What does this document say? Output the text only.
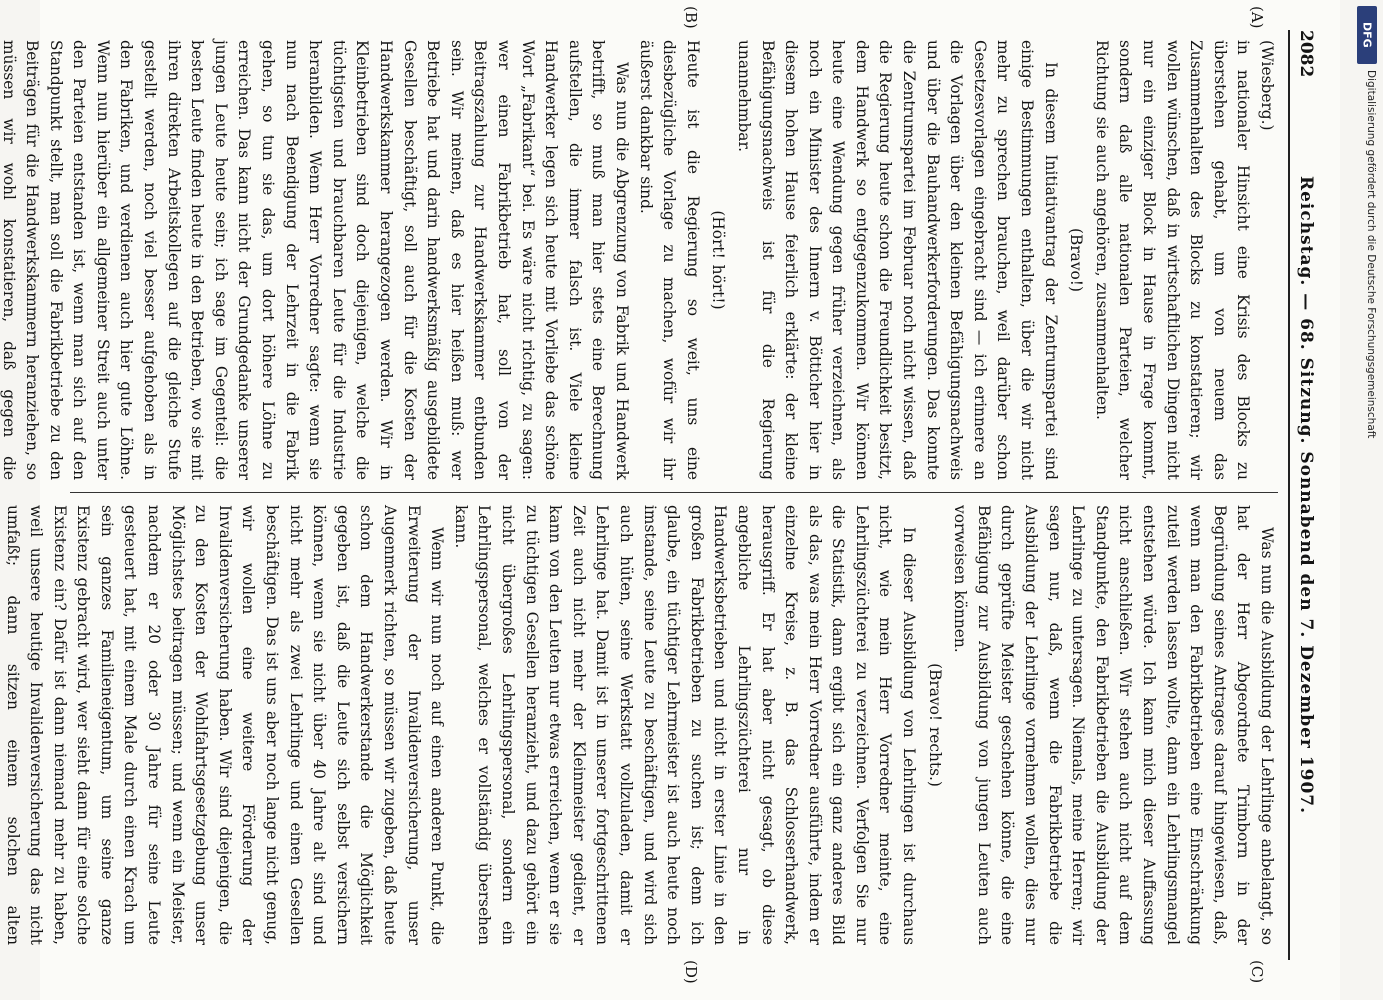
2082
Reichstag. — 68. Sitzung. Sonnabend den 7. Dezember 1907.
(A)
(B)
(C)
(D)

(Wiesberg.)

in nationaler Hinsicht eine Krisis des Blocks zu überstehen gehabt, um von neuem das Zusammenhalten des Blocks zu konstatieren; wir wollen wünschen, daß in wirtschaftlichen Dingen nicht nur ein einziger Block in Hause in Frage kommt, sondern daß alle nationalen Parteien, welcher Richtung sie auch angehören, zusammenhalten.

(Bravo!)

In diesem Initiativantrag der Zentrumspartei sind einige Bestimmungen enthalten, über die wir nicht mehr zu sprechen brauchen, weil darüber schon Gesetzesvorlagen eingebracht sind — ich erinnere an die Vorlagen über den kleinen Befähigungsnachweis und über die Bauhandwerkerforderungen. Das konnte die Zentrumspartei im Februar noch nicht wissen, daß die Regierung heute schon die Freundlichkeit besitzt, dem Handwerk so entgegenzukommen. Wir können heute eine Wendung gegen früher verzeichnen, als noch ein Minister des Innern v. Bötticher hier in diesem hohen Hause feierlich erklärte: der kleine Befähigungsnachweis ist für die Regierung unannehmbar.

(Hört! hört!)

Heute ist die Regierung so weit, uns eine diesbezügliche Vorlage zu machen, wofür wir ihr äußerst dankbar sind.

Was nun die Abgrenzung von Fabrik und Handwerk betrifft, so muß man hier stets eine Berechnung aufstellen, die immer falsch ist. Viele kleine Handwerker legen sich heute mit Vorliebe das schöne Wort „Fabrikant“ bei. Es wäre nicht richtig, zu sagen: wer einen Fabrikbetrieb hat, soll von der Beitragszahlung zur Handwerkskammer entbunden sein. Wir meinen, daß es hier heißen muß: wer Betriebe hat und darin handwerksmäßig ausgebildete Gesellen beschäftigt, soll auch für die Kosten der Handwerkskammer herangezogen werden. Wir in Kleinbetrieben sind doch diejenigen, welche die tüchtigsten und brauchbaren Leute für die Industrie heranbilden. Wenn Herr Vorredner sagte: wenn sie nun nach Beendigung der Lehrzeit in die Fabrik gehen, so tun sie das, um dort höhere Löhne zu erreichen. Das kann nicht der Grundgedanke unserer jungen Leute heute sein; ich sage im Gegenteil: die besten Leute finden heute in den Betrieben, wo sie mit ihren direkten Arbeitskollegen auf die gleiche Stufe gestellt werden, noch viel besser aufgehoben als in den Fabriken, und verdienen auch hier gute Löhne. Wenn nun hierüber ein allgemeiner Streit auch unter den Parteien entstanden ist, wenn man sich auf den Standpunkt stellt, man soll die Fabrikbetriebe zu den Beiträgen für die Handwerkskammern heranziehen, so müssen wir wohl konstatieren, daß gegen die

Was nun die Ausbildung der Lehrlinge anbelangt, so hat der Herr Abgeordnete Trimborn in der Begründung seines Antrages darauf hingewiesen, daß, wenn man den Fabrikbetrieben eine Einschränkung zuteil werden lassen wollte, dann ein Lehrlingsmangel entstehen würde. Ich kann mich dieser Auffassung nicht anschließen. Wir stehen auch nicht auf dem Standpunkte, den Fabrikbetrieben die Ausbildung der Lehrlinge zu untersagen. Niemals, meine Herren; wir sagen nur, daß, wenn die Fabrikbetriebe die Ausbildung der Lehrlinge vornehmen wollen, dies nur durch geprüfte Meister geschehen könne, die eine Befähigung zur Ausbildung von jungen Leuten auch vorweisen können.

(Bravo! rechts.)

In dieser Ausbildung von Lehrlingen ist durchaus nicht, wie mein Herr Vorredner meinte, eine Lehrlingszüchterei zu verzeichnen. Verfolgen Sie nur die Statistik, dann ergibt sich ein ganz anderes Bild als das, was mein Herr Vorredner ausführte, indem er einzelne Kreise, z. B. das Schlosserhandwerk, herausgriff. Er hat aber nicht gesagt, ob diese angebliche Lehrlingszüchterei nur in Handwerksbetrieben und nicht in erster Linie in den großen Fabrikbetrieben zu suchen ist; denn ich glaube, ein tüchtiger Lehrmeister ist auch heute noch imstande, seine Leute zu beschäftigen, und wird sich auch hüten, seine Werkstatt vollzuladen, damit er Lehrlinge hat. Damit ist in unserer fortgeschrittenen Zeit auch nicht mehr der Kleinmeister gedient, er kann von den Leuten nur etwas erreichen, wenn er sie zu tüchtigen Gesellen heranzieht, und dazu gehört ein nicht übergroßes Lehrlingspersonal, sondern ein Lehrlingspersonal, welches er vollständig übersehen kann.

Wenn wir nun noch auf einen anderen Punkt, die Erweiterung der Invalidenversicherung, unser Augenmerk richten, so müssen wir zugeben, daß heute schon dem Handwerkerstande die Möglichkeit gegeben ist, daß die Leute sich selbst versichern können, wenn sie nicht über 40 Jahre alt sind und nicht mehr als zwei Lehrlinge und einen Gesellen beschäftigen. Das ist uns aber noch lange nicht genug, wir wollen eine weitere Förderung der Invalidenversicherung haben. Wir sind diejenigen, die zu den Kosten der Wohlfahrtsgesetzgebung unser Möglichstes beitragen müssen; und wenn ein Meister, nachdem er 20 oder 30 Jahre für seine Leute gesteuert hat, mit einem Male durch einen Krach um sein ganzes Familieneigentum, um seine ganze Existenz gebracht wird, wer sieht dann für eine solche Existenz ein? Dafür ist dann niemand mehr zu haben, weil unsere heutige Invalidenversicherung das nicht umfaßt; dann sitzen einem solchen alten

DFG
Digitalisierung gefördert durch die Deutsche Forschungsgemeinschaft
